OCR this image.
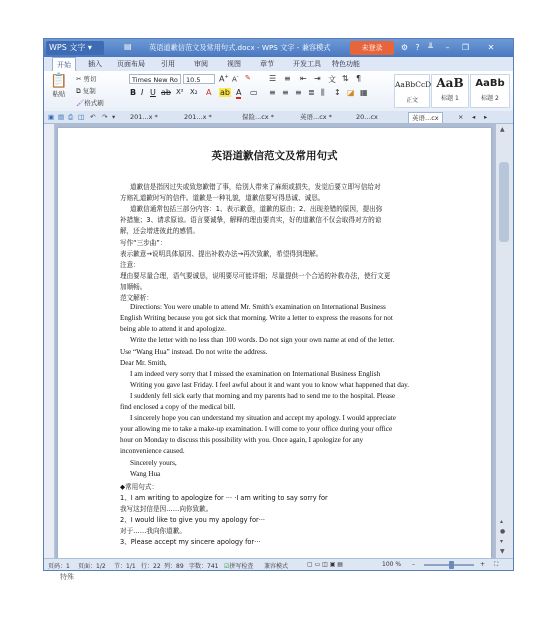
WPS 文字 ▾	▤ 英语道歉信范文及常用句式.docx - WPS 文字 - 兼容模式	未登录	⚙ ?	╨	–	❐	✕
开始	插入 页面布局 引用	审阅	视图	章节	开发工具 特色功能
📋
粘贴
✂ 剪切
⧉ 复制
🖌格式刷
Times New Ro	10.5	A+ A- ✎
B I U ab X² X₂ A ab A ▭
☰ ≡ ⇤ ⇥ 文 ⇅ ¶
≡ ≡ ≡ ≣ ⫼ ↕ ◪ ▦
AaBbCcD
正文
AaB
标题 1
AaBb
标题 2
▣ ▤ ⎙ ◫ ↶ ↷ ▾ 201...x *	201...x *	保险...cx *	英语...cx *	20...cx	英语...cx	× ◂ ▸
英语道歉信范文及常用句式
道歉信是指因过失或致您歉错了事，给别人带来了麻烦或损失，发觉后要立即写信给对
方赔礼道歉时写的信件。道歉是一种礼貌，道歉信要写得恳诚、诚恳。
道歉信通常包括三部分内容：1、表示歉意，道歉的原由；2、出现差错的原因，提出弥
补措施；3、请求原谅。语言要诚挚，解释的理由要真实，好的道歉信不仅会取得对方的谅
解，还会增进彼此的感情。
写作“三步曲”：
表示歉意→说明具体原因、提出补救办法→再次致歉，希望得到理解。
注意：
理由要尽量合理，语气要诚恳，说明要尽可能详细；尽量提供一个合适的补救办法，使行文更
加顺畅。
范文解析：
Directions: You were unable to attend Mr. Smith's examination on International Business
English Writing because you got sick that morning. Write a letter to express the reasons for not
being able to attend it and apologize.
Write the letter with no less than 100 words. Do not sign your own name at end of the letter.
Use “Wang Hua” instead. Do not write the address.
Dear Mr. Smith,
I am indeed very sorry that I missed the examination on International Business English
Writing you gave last Friday. I feel awful about it and want you to know what happened that day.
I suddenly fell sick early that morning and my parents had to send me to the hospital. Please
find enclosed a copy of the medical bill.
I sincerely hope you can understand my situation and accept my apology. I would appreciate
your allowing me to take a make-up examination. I will come to your office during your office
hour on Monday to discuss this possibility with you. Once again, I apologize for any
inconvenience caused.
Sincerely yours,
Wang Hua
◆常用句式：
1、I am writing to apologize for ··· ·I am writing to say sorry for
我写这封信是因……向你致歉。
2、I would like to give you my apology for···
对于……我向你道歉。
3、Please accept my sincere apology for···
▲
▴
●
▾
▼
页码：1 页面：1/2 节：1/1 行：22 列：89 字数：741 ☑拼写检查 兼容模式	▢ ▭ ◫ ▣ ▤	100 % –	+ ⛶
特殊
